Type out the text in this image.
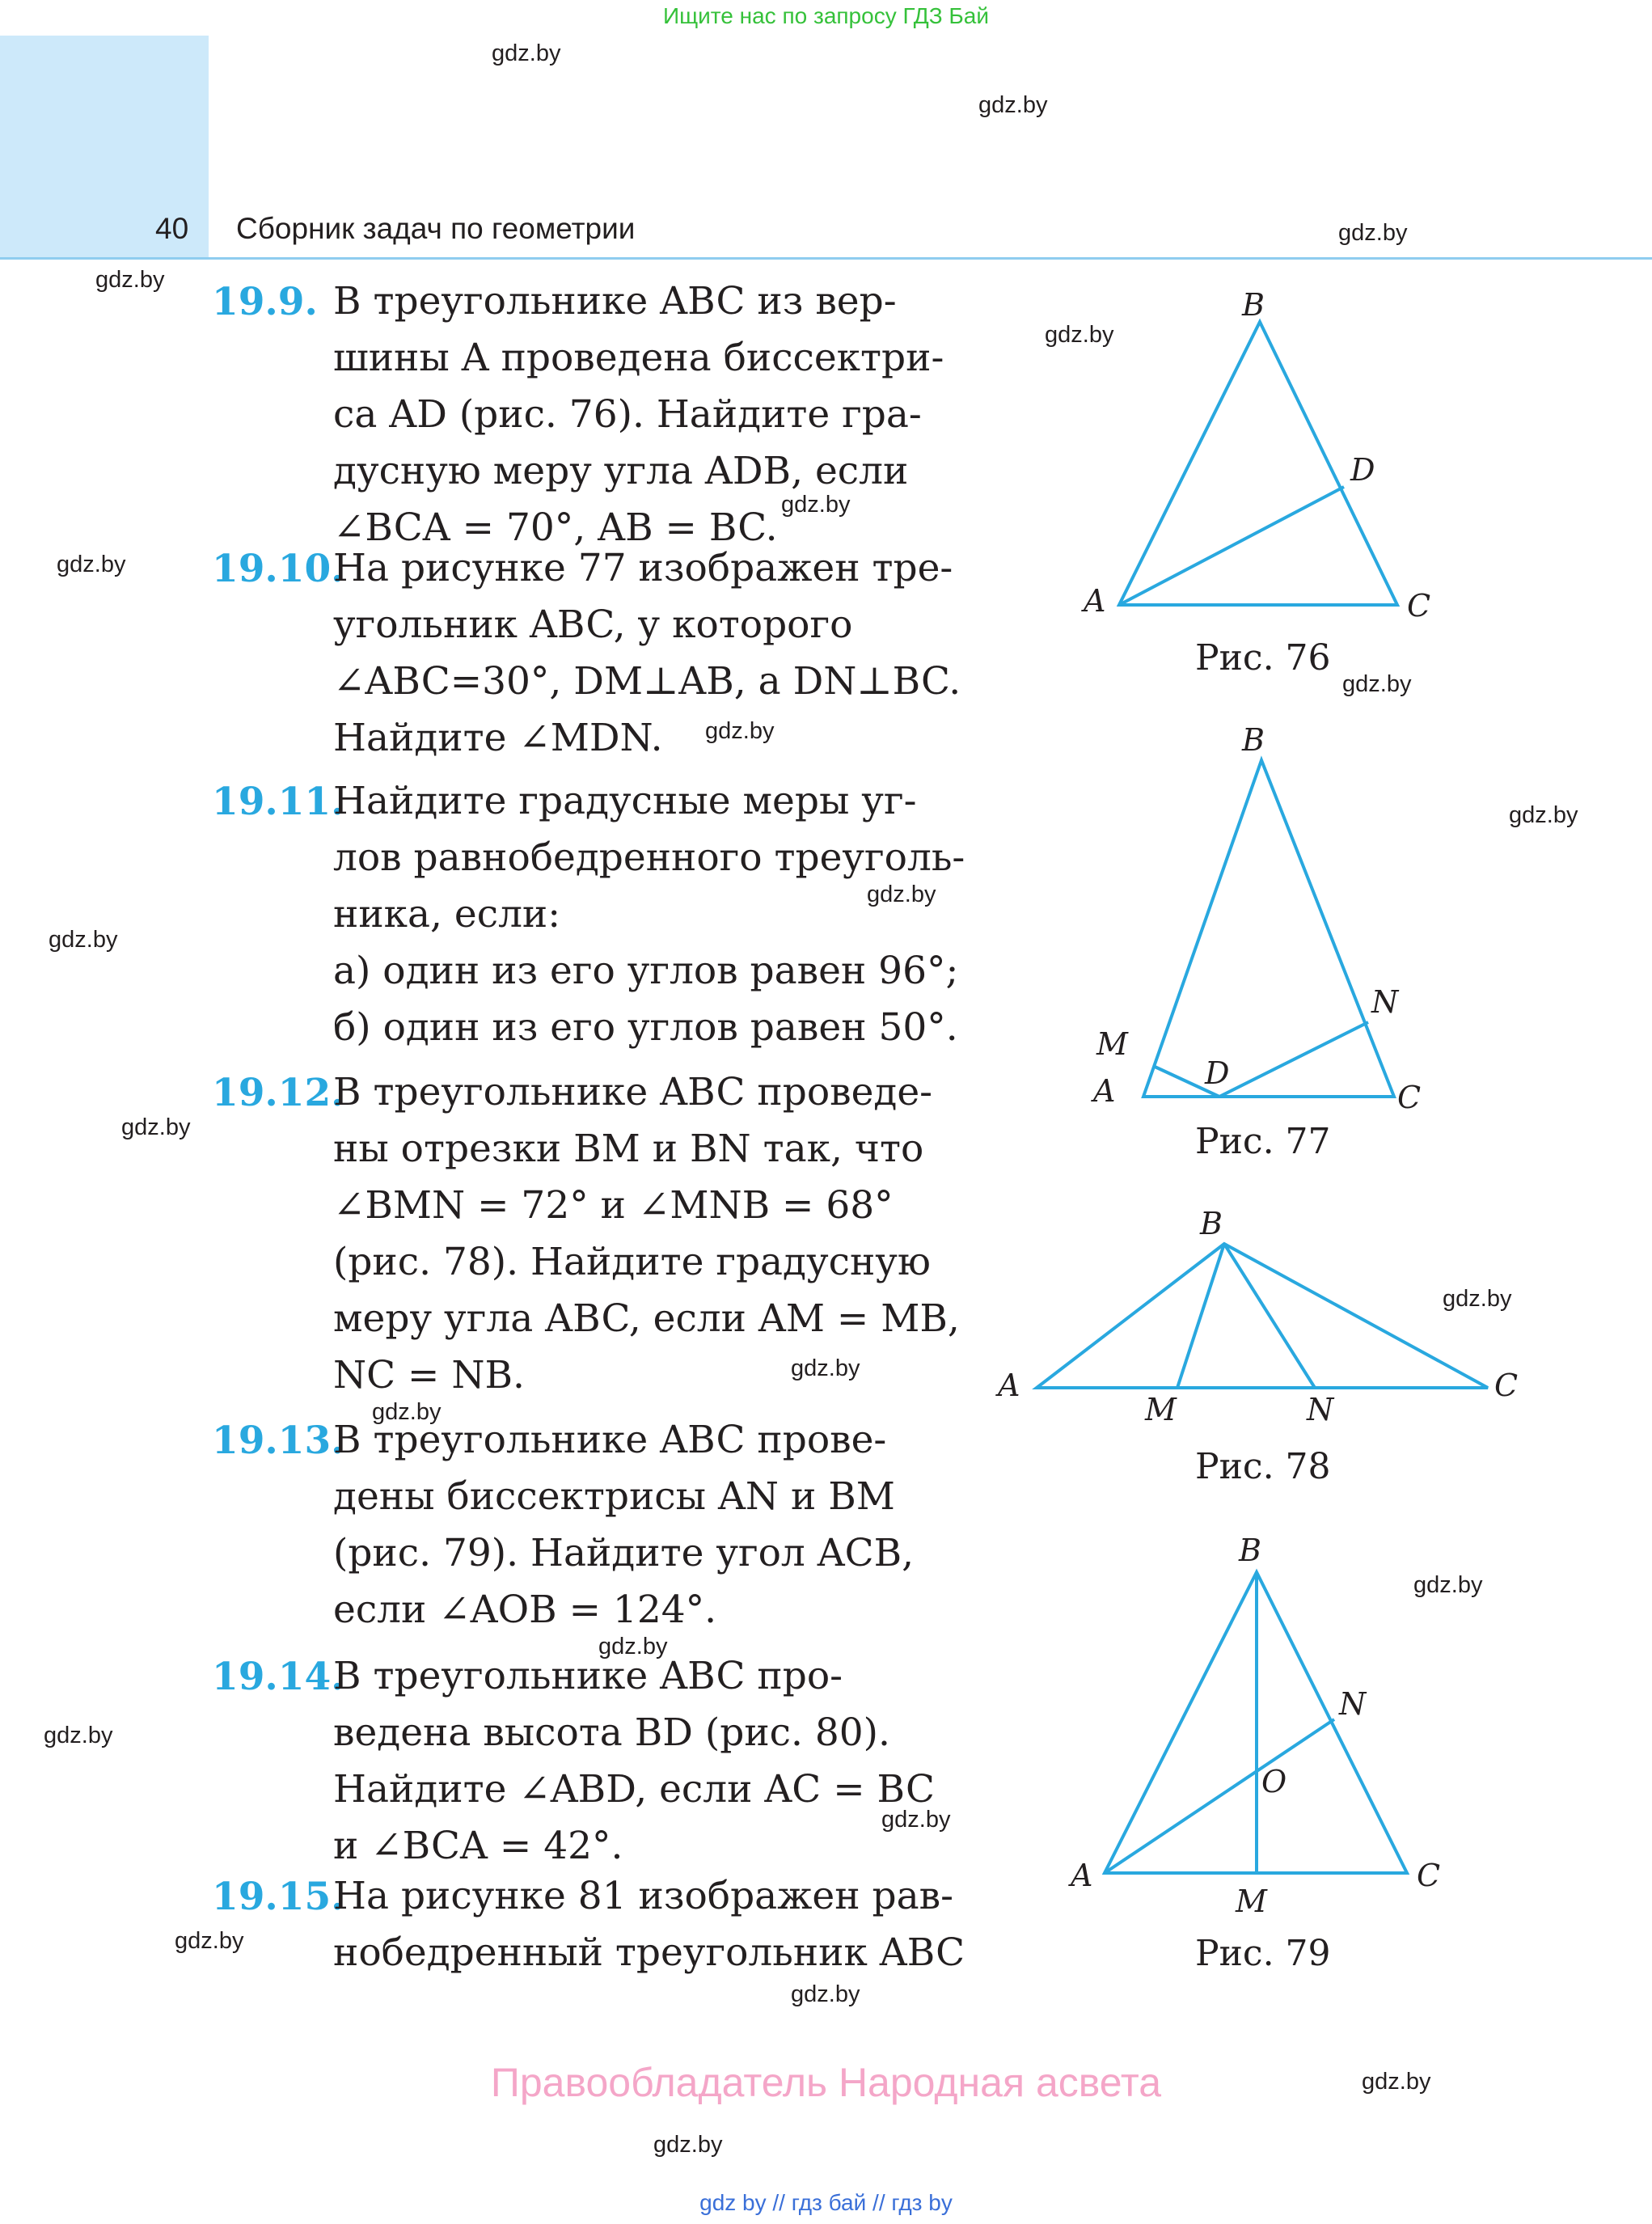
Ищите нас по запросу ГДЗ Бай
40 Сборник задач по геометрии
gdz.by
gdz.by
gdz.by
gdz.by
gdz.by
gdz.by
gdz.by
gdz.by
gdz.by
gdz.by
gdz.by
gdz.by
gdz.by
gdz.by
gdz.by
gdz.by
gdz.by
gdz.by
gdz.by
gdz.by
gdz.by
gdz.by
gdz.by
gdz.by
19.9. В треугольнике ABC из вер-
шины A проведена биссектри-
са AD (рис. 76). Найдите гра-
дусную меру угла ADB, если
∠BCA = 70°, AB = BC.
19.10.
На рисунке 77 изображен тре-
угольник ABC, у которого
∠ABC=30°, DM⊥AB, а DN⊥BC.
Найдите ∠MDN.
19.11.
Найдите градусные меры уг-
лов равнобедренного треуголь-
ника, если:
а) один из его углов равен 96°;
б) один из его углов равен 50°.
19.12.
В треугольнике ABC проведе-
ны отрезки BM и BN так, что
∠BMN = 72° и ∠MNB = 68°
(рис. 78). Найдите градусную
меру угла ABC, если AM = MB,
NC = NB.
19.13.
В треугольнике ABC прове-
дены биссектрисы AN и BM
(рис. 79). Найдите угол ACB,
если ∠AOB = 124°.
19.14.
В треугольнике ABC про-
ведена высота BD (рис. 80).
Найдите ∠ABD, если AC = BC
и ∠BCA = 42°.
19.15.
На рисунке 81 изображен рав-
нобедренный треугольник ABC
B
D
A	C
Рис. 76
B
N
M
D
A	C
Рис. 77
B
A
M	N
C
Рис. 78
B
N
O
A
M
C
Рис. 79
Правообладатель Народная асвета
gdz by // гдз бай // гдз by
